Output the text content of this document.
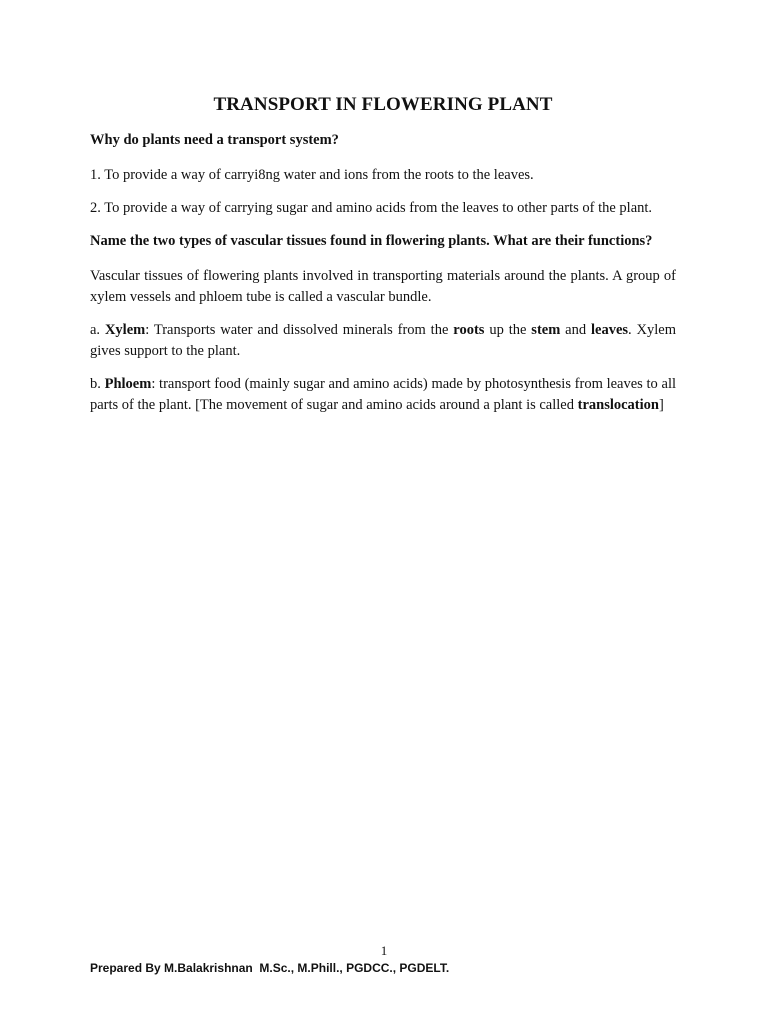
TRANSPORT IN FLOWERING PLANT
Why do plants need a transport system?
1. To provide a way of carryi8ng water and ions from the roots to the leaves.
2. To provide a way of carrying sugar and amino acids from the leaves to other parts of the plant.
Name the two types of vascular tissues found in flowering plants. What are their functions?
Vascular tissues of flowering plants involved in transporting materials around the plants. A group of xylem vessels and phloem tube is called a vascular bundle.
a. Xylem: Transports water and dissolved minerals from the roots up the stem and leaves. Xylem gives support to the plant.
b. Phloem: transport food (mainly sugar and amino acids) made by photosynthesis from leaves to all parts of the plant. [The movement of sugar and amino acids around a plant is called translocation]
1
Prepared By M.Balakrishnan  M.Sc., M.Phill., PGDCC., PGDELT.
